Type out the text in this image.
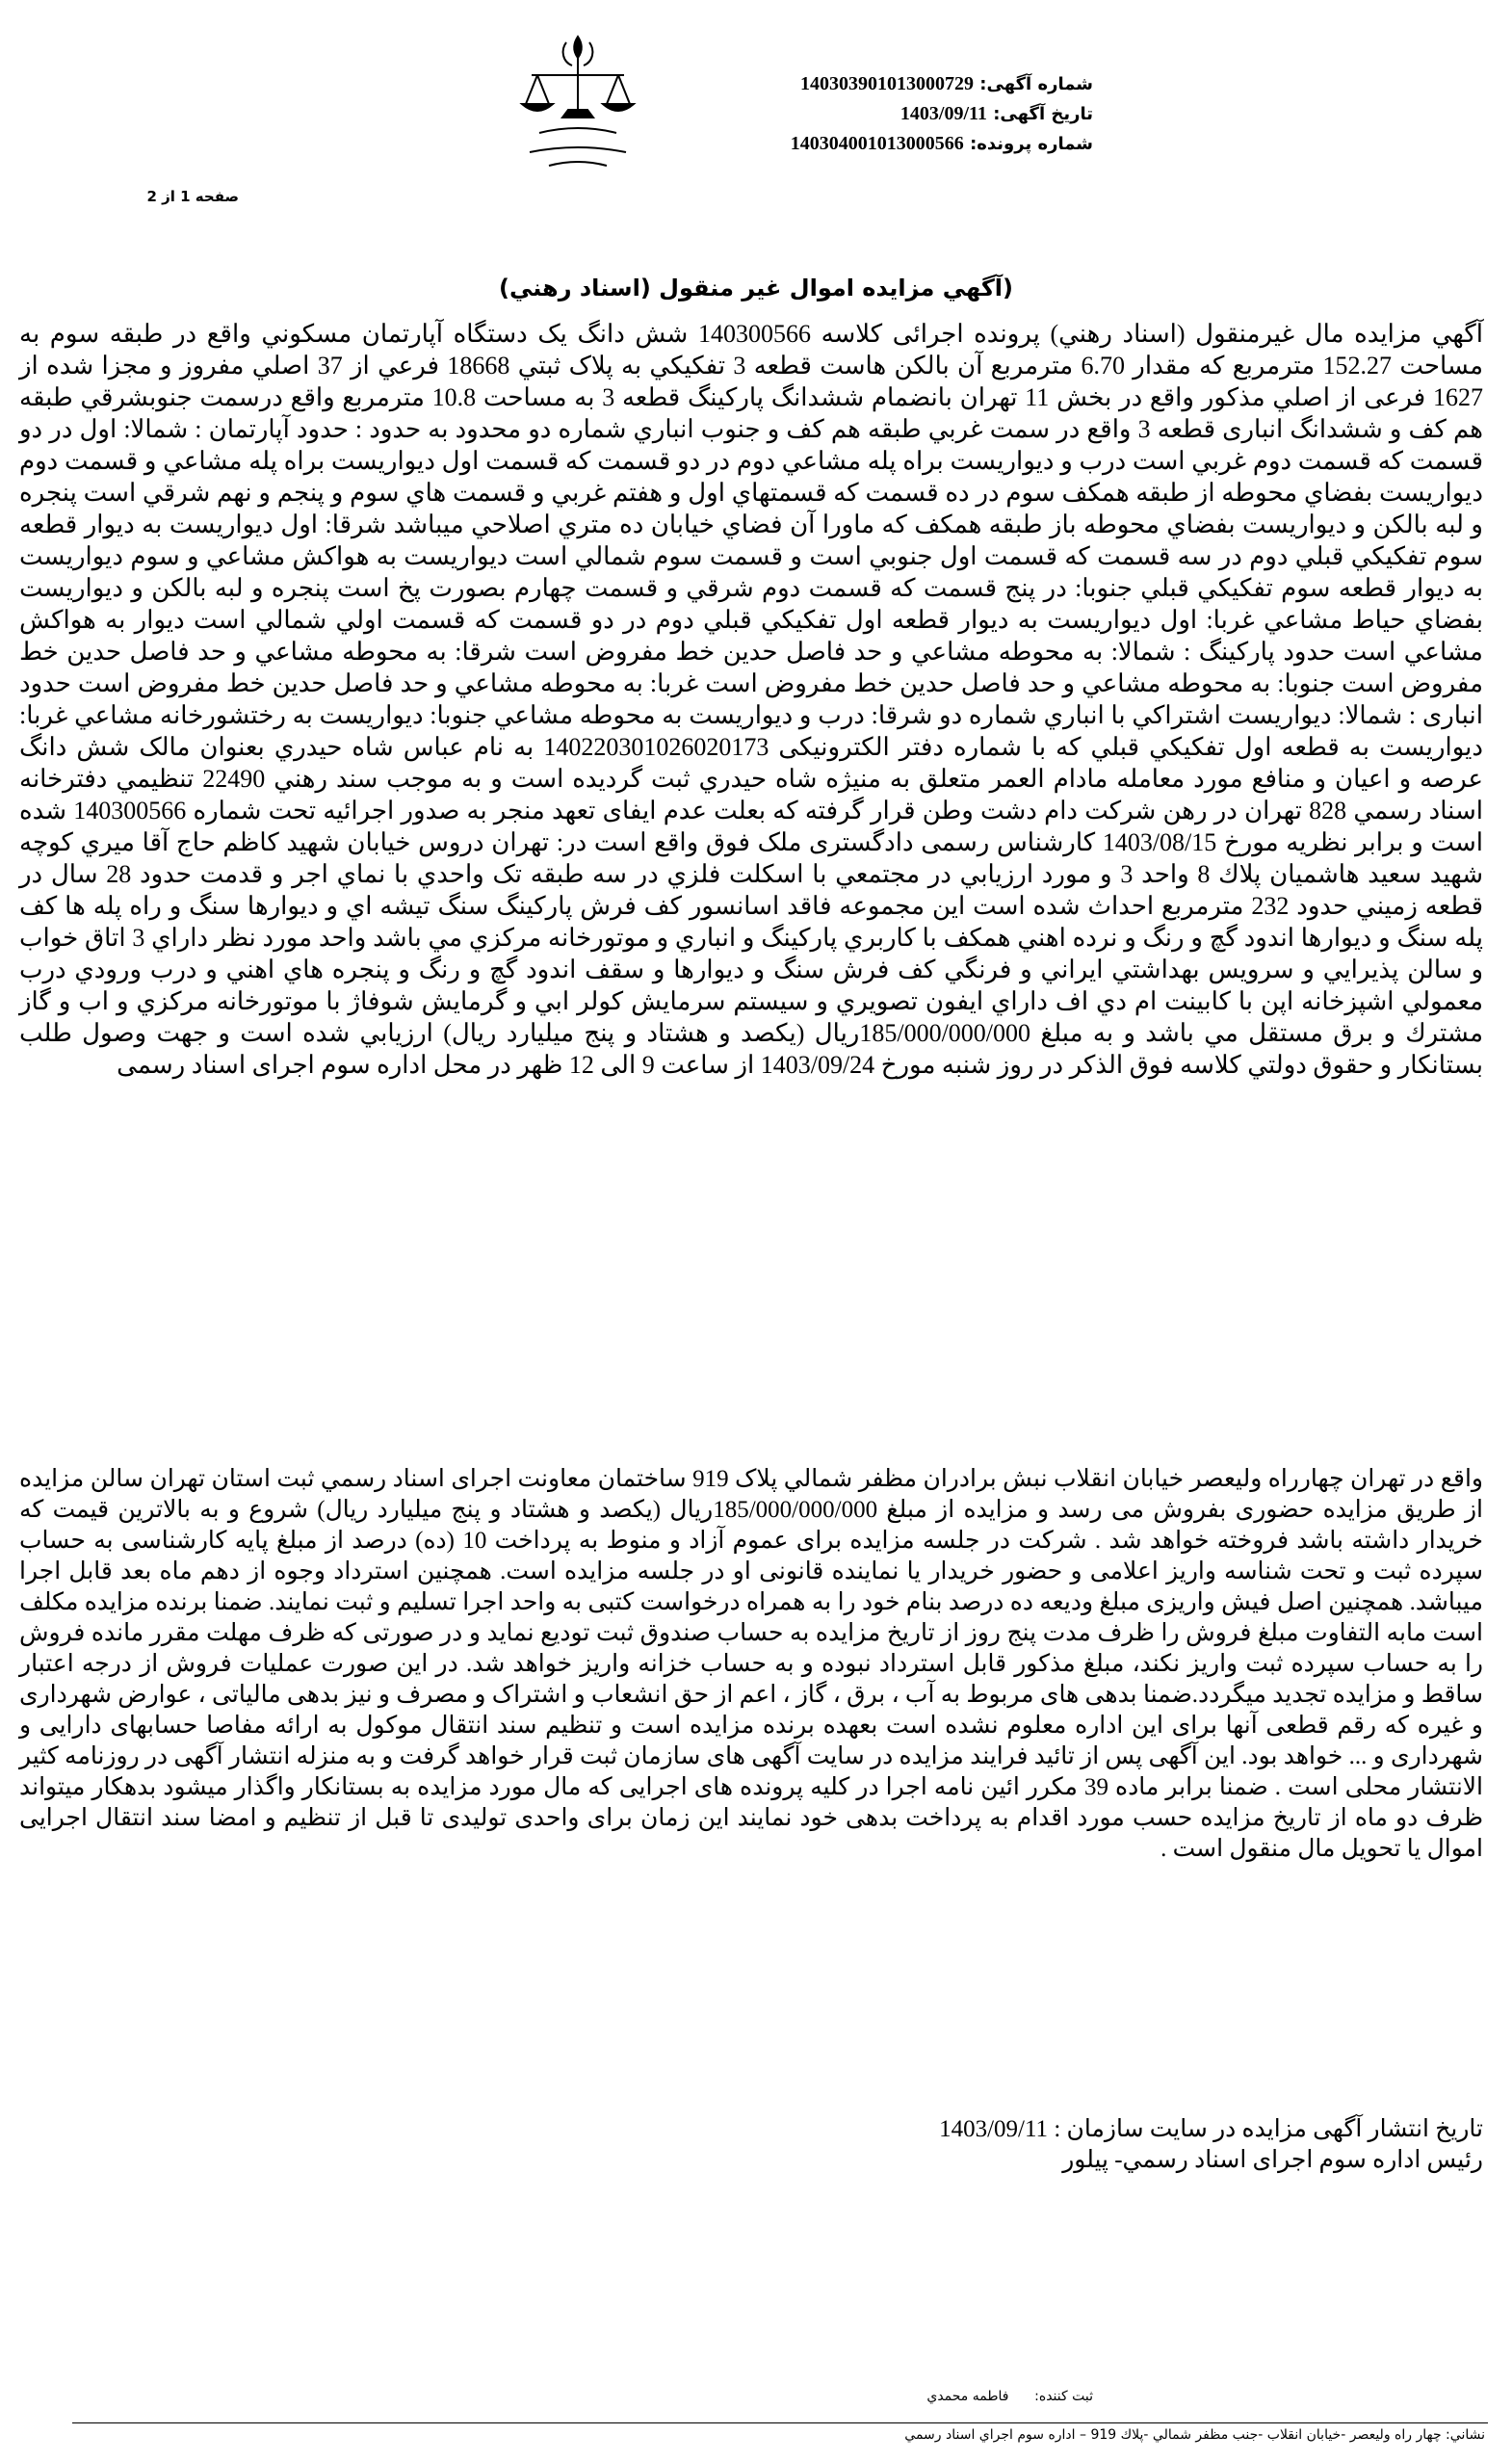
شماره آگهی: 140303901013000729
تاریخ آگهی: 1403/09/11
شماره پرونده: 140304001013000566
صفحه 1 از 2
(آگهي مزايده اموال غير منقول (اسناد رهني)
آگهي مزايده مال غيرمنقول (اسناد رهني) پرونده اجرائی کلاسه 140300566 شش دانگ یک دستگاه آپارتمان مسکوني واقع در طبقه سوم به مساحت 152.27 مترمربع که مقدار 6.70 مترمربع آن بالكن هاست قطعه 3 تفکيکي به پلاک ثبتي 18668 فرعي از 37 اصلي مفروز و مجزا شده از 1627 فرعی از اصلي مذكور واقع در بخش 11 تهران بانضمام ششدانگ پارکینگ قطعه 3 به مساحت 10.8 مترمربع واقع درسمت جنوبشرقي طبقه هم کف و ششدانگ انباری قطعه 3 واقع در سمت غربي طبقه هم کف و جنوب انباري شماره دو محدود به حدود : حدود آپارتمان : شمالا: اول در دو قسمت که قسمت دوم غربي است درب و ديواريست براه پله مشاعي دوم در دو قسمت که قسمت اول ديواريست براه پله مشاعي و قسمت دوم ديواريست بفضاي محوطه از طبقه همکف سوم در ده قسمت که قسمتهاي اول و هفتم غربي و قسمت هاي سوم و پنجم و نهم شرقي است پنجره و لبه بالكن و ديواريست بفضاي محوطه باز طبقه همکف كه ماورا آن فضاي خيابان ده متري اصلاحي ميباشد شرقا: اول ديواريست به ديوار قطعه سوم تفکيکي قبلي دوم در سه قسمت که قسمت اول جنوبي است و قسمت سوم شمالي است ديواريست به هواكش مشاعي و سوم ديواريست به ديوار قطعه سوم تفکيکي قبلي جنوبا: در پنج قسمت که قسمت دوم شرقي و قسمت چهارم بصورت پخ است پنجره و لبه بالكن و ديواريست بفضاي حياط مشاعي غربا: اول ديواريست به ديوار قطعه اول تفکيکي قبلي دوم در دو قسمت كه قسمت اولي شمالي است ديوار به هواكش مشاعي است حدود پارکينگ : شمالا: به محوطه مشاعي و حد فاصل حدين خط مفروض است شرقا: به محوطه مشاعي و حد فاصل حدين خط مفروض است جنوبا: به محوطه مشاعي و حد فاصل حدين خط مفروض است غربا: به محوطه مشاعي و حد فاصل حدين خط مفروض است حدود انباری : شمالا: ديواريست اشتراكي با انباري شماره دو شرقا: درب و ديواريست به محوطه مشاعي جنوبا: ديواريست به رختشورخانه مشاعي غربا: ديواريست به قطعه اول تفکيکي قبلي که با شماره دفتر الکترونیکی 140220301026020173 به نام عباس شاه حيدري بعنوان مالک شش دانگ عرصه و اعيان و منافع مورد معامله مادام العمر متعلق به منيژه شاه حيدري ثبت گرديده است و به موجب سند رهني 22490 تنظيمي دفترخانه اسناد رسمي 828 تهران در رهن شرکت دام دشت وطن قرار گرفته که بعلت عدم ايفای تعهد منجر به صدور اجرائيه تحت شماره 140300566 شده است و برابر نظريه مورخ 1403/08/15 کارشناس رسمی دادگستری ملک فوق واقع است در: تهران دروس خيابان شهيد كاظم حاج آقا ميري كوچه شهيد سعيد هاشميان پلاك 8 واحد 3 و مورد ارزيابي در مجتمعي با اسكلت فلزي در سه طبقه تک واحدي با نماي اجر و قدمت حدود 28 سال در قطعه زميني حدود 232 مترمربع احداث شده است اين مجموعه فاقد اسانسور كف فرش پاركينگ سنگ تيشه اي و ديوارها سنگ و راه پله ها كف پله سنگ و ديوارها اندود گچ و رنگ و نرده اهني همكف با كاربري پاركينگ و انباري و موتورخانه مركزي مي باشد واحد مورد نظر داراي 3 اتاق خواب و سالن پذيرايي و سرويس بهداشتي ايراني و فرنگي كف فرش سنگ و ديوارها و سقف اندود گچ و رنگ و پنجره هاي اهني و درب ورودي درب معمولي اشپزخانه اپن با كابينت ام دي اف داراي ايفون تصويري و سيستم سرمايش كولر ابي و گرمايش شوفاژ با موتورخانه مركزي و اب و گاز مشترك و برق مستقل مي باشد و به مبلغ 185/000/000/000ريال (يكصد و هشتاد و پنج ميليارد ريال) ارزيابي شده است و جهت وصول طلب بستانكار و حقوق دولتي كلاسه فوق الذكر در روز شنبه مورخ 1403/09/24 از ساعت 9 الی 12 ظهر در محل اداره سوم اجرای اسناد رسمی
واقع در تهران چهارراه وليعصر خيابان انقلاب نبش برادران مظفر شمالي پلاک 919 ساختمان معاونت اجرای اسناد رسمي ثبت استان تهران سالن مزايده از طريق مزايده حضوری بفروش می رسد و مزايده از مبلغ 185/000/000/000ريال (يكصد و هشتاد و پنج ميليارد ريال) شروع و به بالاترين قيمت که خريدار داشته باشد فروخته خواهد شد . شرکت در جلسه مزايده برای عموم آزاد و منوط به پرداخت 10 (ده) درصد از مبلغ پايه کارشناسی به حساب سپرده ثبت و تحت شناسه واريز اعلامی و حضور خريدار يا نماينده قانونی او در جلسه مزايده است. همچنين استرداد وجوه از دهم ماه بعد قابل اجرا ميباشد. همچنين اصل فيش واريزی مبلغ وديعه ده درصد بنام خود را به همراه درخواست کتبی به واحد اجرا تسليم و ثبت نمايند. ضمنا برنده مزايده مکلف است مابه التفاوت مبلغ فروش را ظرف مدت پنج روز از تاريخ مزايده به حساب صندوق ثبت توديع نمايد و در صورتی که ظرف مهلت مقرر مانده فروش را به حساب سپرده ثبت واريز نکند، مبلغ مذکور قابل استرداد نبوده و به حساب خزانه واريز خواهد شد. در اين صورت عمليات فروش از درجه اعتبار ساقط و مزايده تجديد ميگردد.ضمنا بدهی های مربوط به آب ، برق ، گاز ، اعم از حق انشعاب و اشتراک و مصرف و نيز بدهی مالياتی ، عوارض شهرداری و غيره که رقم قطعی آنها برای اين اداره معلوم نشده است بعهده برنده مزايده است و تنظيم سند انتقال موکول به ارائه مفاصا حسابهای دارايی و شهرداری و ... خواهد بود. اين آگهی پس از تائيد فرايند مزايده در سايت آگهی های سازمان ثبت قرار خواهد گرفت و به منزله انتشار آگهی در روزنامه کثير الانتشار محلی است . ضمنا برابر ماده 39 مکرر ائين نامه اجرا در کليه پرونده های اجرايی که مال مورد مزايده به بستانکار واگذار ميشود بدهکار ميتواند ظرف دو ماه از تاريخ مزايده حسب مورد اقدام به پرداخت بدهی خود نمايند اين زمان برای واحدی توليدی تا قبل از تنظيم و امضا سند انتقال اجرايی اموال يا تحويل مال منقول است .
تاريخ انتشار آگهی مزايده در سايت سازمان : 1403/09/11
رئيس اداره سوم اجرای اسناد رسمي- پيلور
ثبت کننده:      فاطمه محمدي
نشاني: چهار راه وليعصر -خيابان انقلاب -جنب مظفر شمالي -پلاك 919 – اداره سوم اجراي اسناد رسمي
